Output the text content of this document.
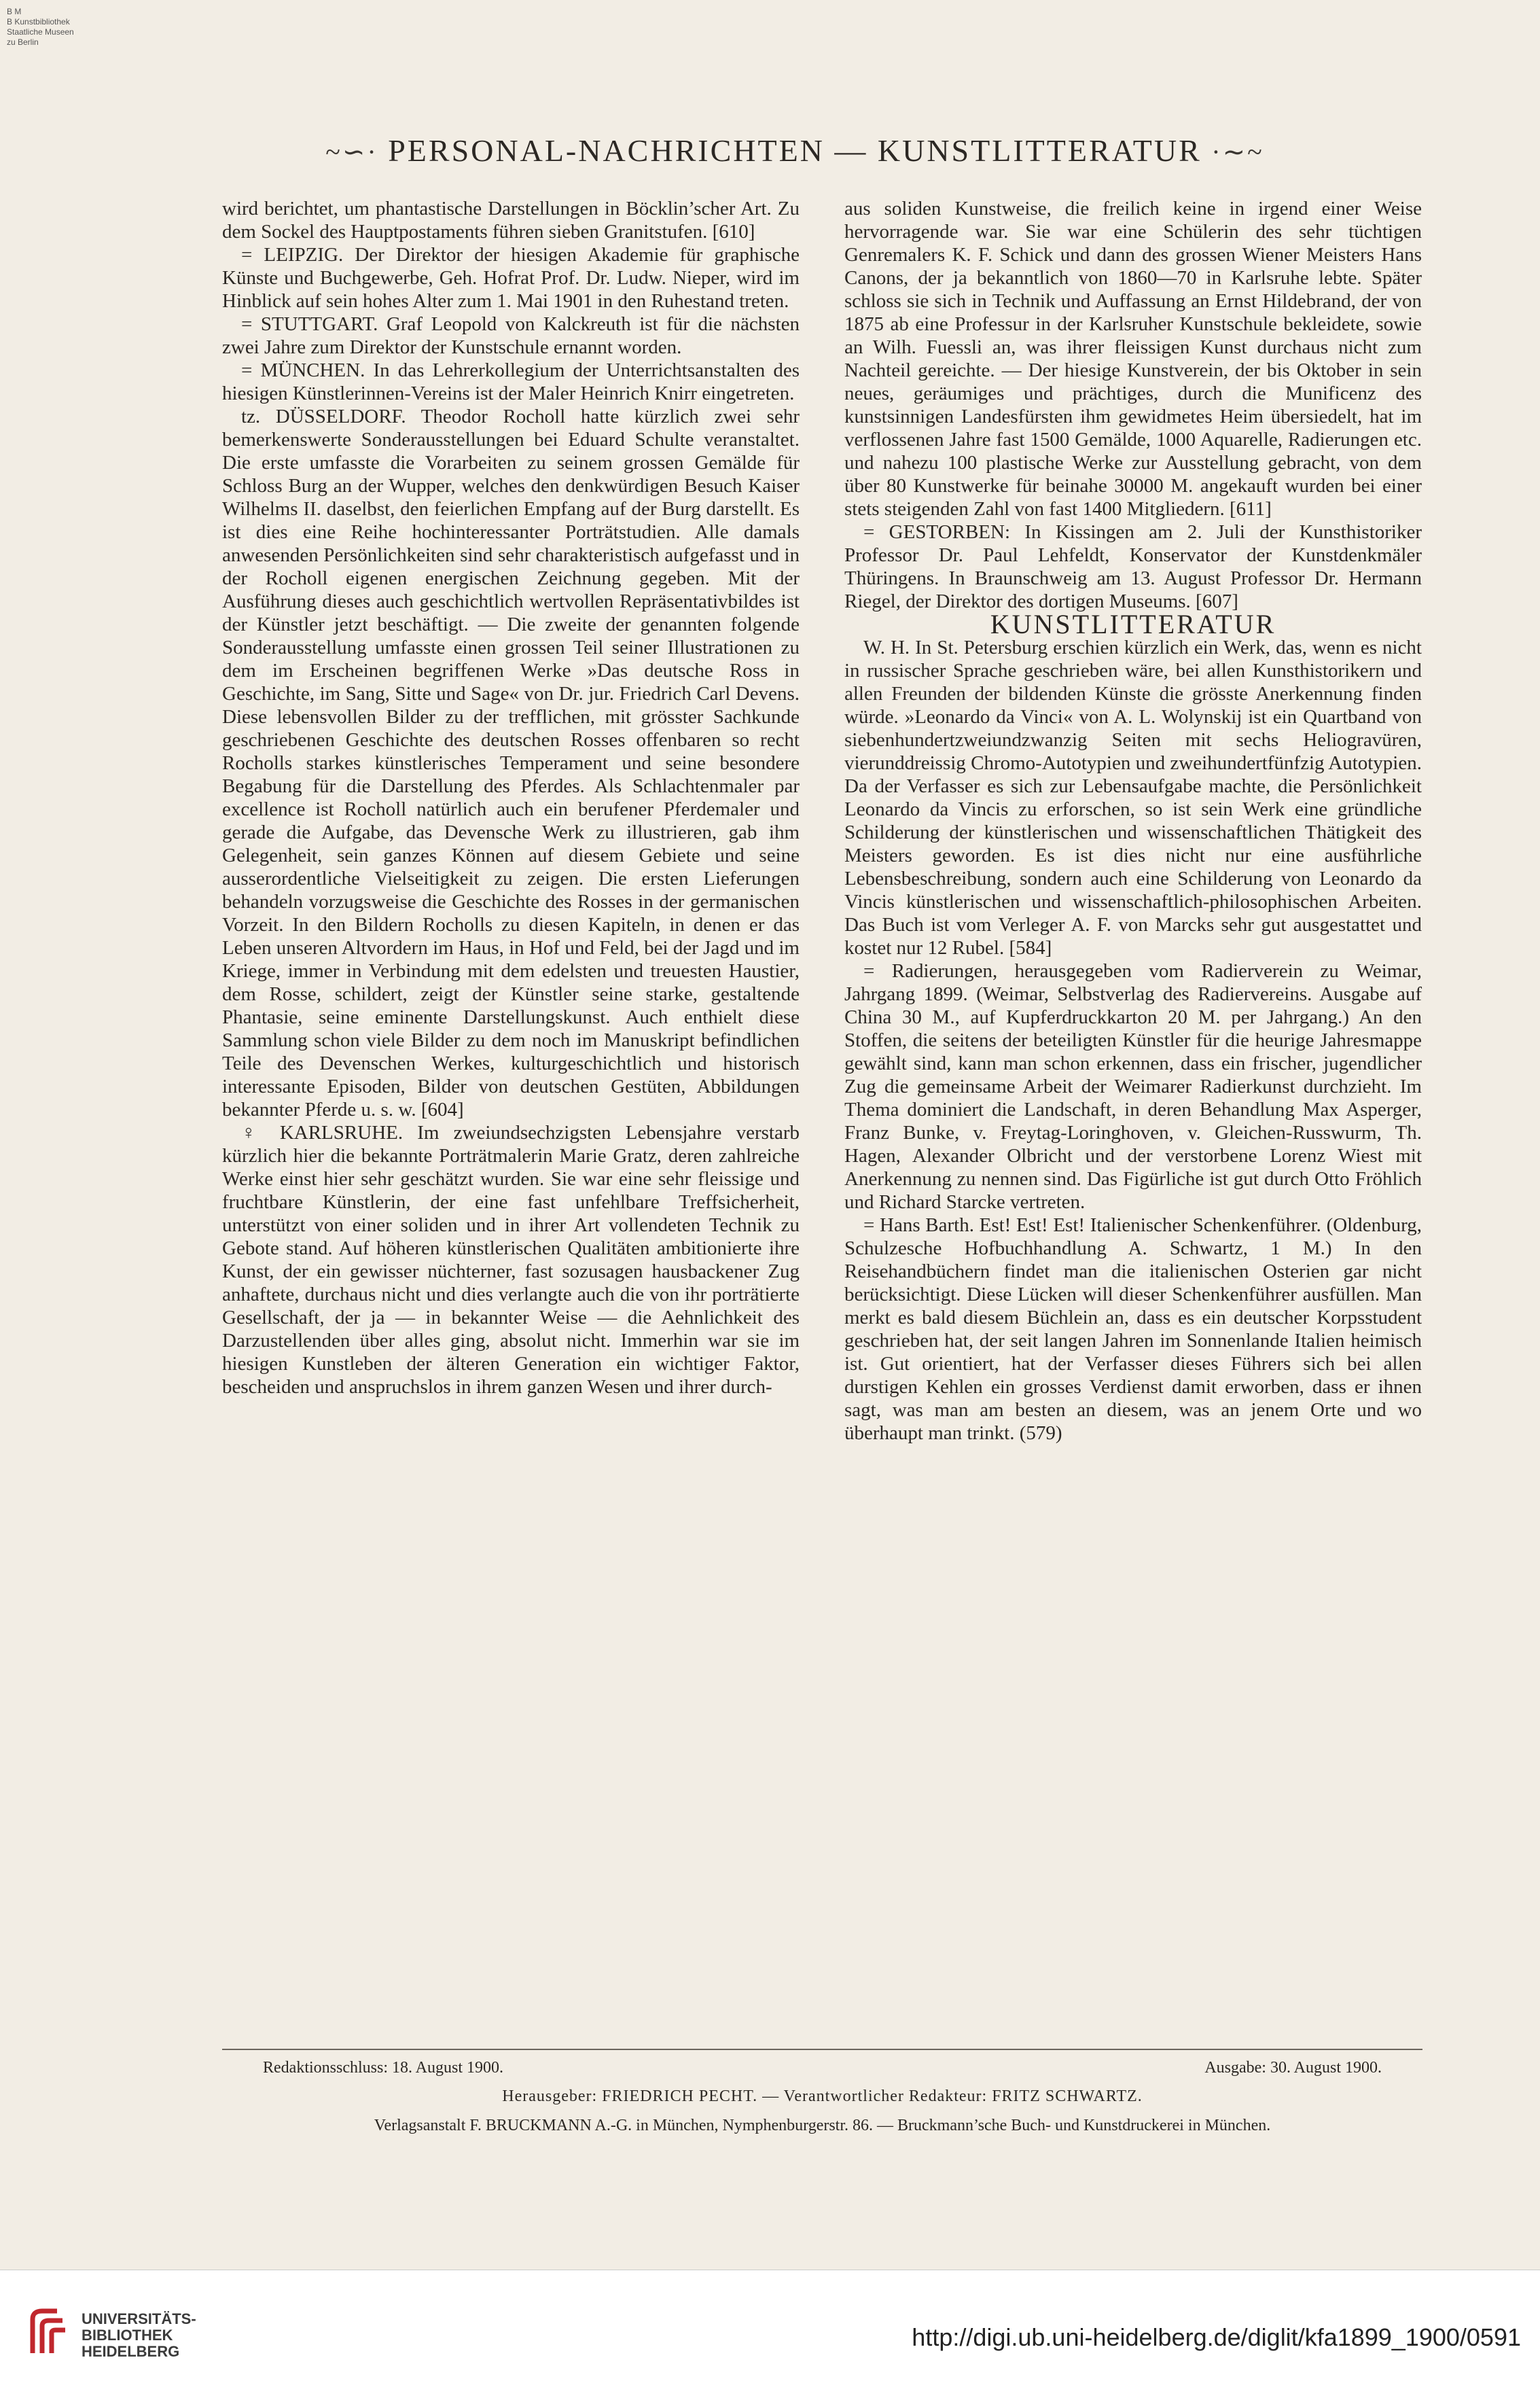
B M
B Kunstbibliothek
Staatliche Museen
zu Berlin
~∽· PERSONAL-NACHRICHTEN — KUNSTLITTERATUR ·∼~

wird berichtet, um phantastische Darstellungen in Böcklin’scher Art. Zu dem Sockel des Hauptpostaments führen sieben Granitstufen. [610]

= LEIPZIG. Der Direktor der hiesigen Akademie für graphische Künste und Buchgewerbe, Geh. Hofrat Prof. Dr. Ludw. Nieper, wird im Hinblick auf sein hohes Alter zum 1. Mai 1901 in den Ruhestand treten.

= STUTTGART. Graf Leopold von Kalckreuth ist für die nächsten zwei Jahre zum Direktor der Kunstschule ernannt worden.

= MÜNCHEN. In das Lehrerkollegium der Unterrichtsanstalten des hiesigen Künstlerinnen-Vereins ist der Maler Heinrich Knirr eingetreten.

tz. DÜSSELDORF. Theodor Rocholl hatte kürzlich zwei sehr bemerkenswerte Sonderausstellungen bei Eduard Schulte veranstaltet. Die erste umfasste die Vorarbeiten zu seinem grossen Gemälde für Schloss Burg an der Wupper, welches den denkwürdigen Besuch Kaiser Wilhelms II. daselbst, den feierlichen Empfang auf der Burg darstellt. Es ist dies eine Reihe hochinteressanter Porträtstudien. Alle damals anwesenden Persönlichkeiten sind sehr charakteristisch aufgefasst und in der Rocholl eigenen energischen Zeichnung gegeben. Mit der Ausführung dieses auch geschichtlich wertvollen Repräsentativbildes ist der Künstler jetzt beschäftigt. — Die zweite der genannten folgende Sonderausstellung umfasste einen grossen Teil seiner Illustrationen zu dem im Erscheinen begriffenen Werke »Das deutsche Ross in Geschichte, im Sang, Sitte und Sage« von Dr. jur. Friedrich Carl Devens. Diese lebensvollen Bilder zu der trefflichen, mit grösster Sachkunde geschriebenen Geschichte des deutschen Rosses offenbaren so recht Rocholls starkes künstlerisches Temperament und seine besondere Begabung für die Darstellung des Pferdes. Als Schlachtenmaler par excellence ist Rocholl natürlich auch ein berufener Pferdemaler und gerade die Aufgabe, das Devensche Werk zu illustrieren, gab ihm Gelegenheit, sein ganzes Können auf diesem Gebiete und seine ausserordentliche Vielseitigkeit zu zeigen. Die ersten Lieferungen behandeln vorzugsweise die Geschichte des Rosses in der germanischen Vorzeit. In den Bildern Rocholls zu diesen Kapiteln, in denen er das Leben unseren Altvordern im Haus, in Hof und Feld, bei der Jagd und im Kriege, immer in Verbindung mit dem edelsten und treuesten Haustier, dem Rosse, schildert, zeigt der Künstler seine starke, gestaltende Phantasie, seine eminente Darstellungskunst. Auch enthielt diese Sammlung schon viele Bilder zu dem noch im Manuskript befindlichen Teile des Devenschen Werkes, kulturgeschichtlich und historisch interessante Episoden, Bilder von deutschen Gestüten, Abbildungen bekannter Pferde u. s. w. [604]

♀ KARLSRUHE. Im zweiundsechzigsten Lebensjahre verstarb kürzlich hier die bekannte Porträtmalerin Marie Gratz, deren zahlreiche Werke einst hier sehr geschätzt wurden. Sie war eine sehr fleissige und fruchtbare Künstlerin, der eine fast unfehlbare Treffsicherheit, unterstützt von einer soliden und in ihrer Art vollendeten Technik zu Gebote stand. Auf höheren künstlerischen Qualitäten ambitionierte ihre Kunst, der ein gewisser nüchterner, fast sozusagen hausbackener Zug anhaftete, durchaus nicht und dies verlangte auch die von ihr porträtierte Gesellschaft, der ja — in bekannter Weise — die Aehnlichkeit des Darzustellenden über alles ging, absolut nicht. Immerhin war sie im hiesigen Kunstleben der älteren Generation ein wichtiger Faktor, bescheiden und anspruchslos in ihrem ganzen Wesen und ihrer durch-

aus soliden Kunstweise, die freilich keine in irgend einer Weise hervorragende war. Sie war eine Schülerin des sehr tüchtigen Genremalers K. F. Schick und dann des grossen Wiener Meisters Hans Canons, der ja bekanntlich von 1860—70 in Karlsruhe lebte. Später schloss sie sich in Technik und Auffassung an Ernst Hildebrand, der von 1875 ab eine Professur in der Karlsruher Kunstschule bekleidete, sowie an Wilh. Fuessli an, was ihrer fleissigen Kunst durchaus nicht zum Nachteil gereichte. — Der hiesige Kunstverein, der bis Oktober in sein neues, geräumiges und prächtiges, durch die Munificenz des kunstsinnigen Landesfürsten ihm gewidmetes Heim übersiedelt, hat im verflossenen Jahre fast 1500 Gemälde, 1000 Aquarelle, Radierungen etc. und nahezu 100 plastische Werke zur Ausstellung gebracht, von dem über 80 Kunstwerke für beinahe 30000 M. angekauft wurden bei einer stets steigenden Zahl von fast 1400 Mitgliedern. [611]

= GESTORBEN: In Kissingen am 2. Juli der Kunsthistoriker Professor Dr. Paul Lehfeldt, Konservator der Kunstdenkmäler Thüringens. In Braunschweig am 13. August Professor Dr. Hermann Riegel, der Direktor des dortigen Museums. [607]

KUNSTLITTERATUR

W. H. In St. Petersburg erschien kürzlich ein Werk, das, wenn es nicht in russischer Sprache geschrieben wäre, bei allen Kunsthistorikern und allen Freunden der bildenden Künste die grösste Anerkennung finden würde. »Leonardo da Vinci« von A. L. Wolynskij ist ein Quartband von siebenhundertzweiundzwanzig Seiten mit sechs Heliogravüren, vierunddreissig Chromo-Autotypien und zweihundertfünfzig Autotypien. Da der Verfasser es sich zur Lebensaufgabe machte, die Persönlichkeit Leonardo da Vincis zu erforschen, so ist sein Werk eine gründliche Schilderung der künstlerischen und wissenschaftlichen Thätigkeit des Meisters geworden. Es ist dies nicht nur eine ausführliche Lebensbeschreibung, sondern auch eine Schilderung von Leonardo da Vincis künstlerischen und wissenschaftlich-philosophischen Arbeiten. Das Buch ist vom Verleger A. F. von Marcks sehr gut ausgestattet und kostet nur 12 Rubel. [584]

= Radierungen, herausgegeben vom Radierverein zu Weimar, Jahrgang 1899. (Weimar, Selbstverlag des Radiervereins. Ausgabe auf China 30 M., auf Kupferdruckkarton 20 M. per Jahrgang.) An den Stoffen, die seitens der beteiligten Künstler für die heurige Jahresmappe gewählt sind, kann man schon erkennen, dass ein frischer, jugendlicher Zug die gemeinsame Arbeit der Weimarer Radierkunst durchzieht. Im Thema dominiert die Landschaft, in deren Behandlung Max Asperger, Franz Bunke, v. Freytag-Loringhoven, v. Gleichen-Russwurm, Th. Hagen, Alexander Olbricht und der verstorbene Lorenz Wiest mit Anerkennung zu nennen sind. Das Figürliche ist gut durch Otto Fröhlich und Richard Starcke vertreten.

= Hans Barth. Est! Est! Est! Italienischer Schenkenführer. (Oldenburg, Schulzesche Hofbuchhandlung A. Schwartz, 1 M.) In den Reisehandbüchern findet man die italienischen Osterien gar nicht berücksichtigt. Diese Lücken will dieser Schenkenführer ausfüllen. Man merkt es bald diesem Büchlein an, dass es ein deutscher Korpsstudent geschrieben hat, der seit langen Jahren im Sonnenlande Italien heimisch ist. Gut orientiert, hat der Verfasser dieses Führers sich bei allen durstigen Kehlen ein grosses Verdienst damit erworben, dass er ihnen sagt, was man am besten an diesem, was an jenem Orte und wo überhaupt man trinkt. (579)

Redaktionsschluss: 18. August 1900.	Ausgabe: 30. August 1900.
Herausgeber: FRIEDRICH PECHT. — Verantwortlicher Redakteur: FRITZ SCHWARTZ.
Verlagsanstalt F. BRUCKMANN A.-G. in München, Nymphenburgerstr. 86. — Bruckmann’sche Buch- und Kunstdruckerei in München.
UNIVERSITÄTS-
BIBLIOTHEK
HEIDELBERG
http://digi.ub.uni-heidelberg.de/diglit/kfa1899_1900/0591
